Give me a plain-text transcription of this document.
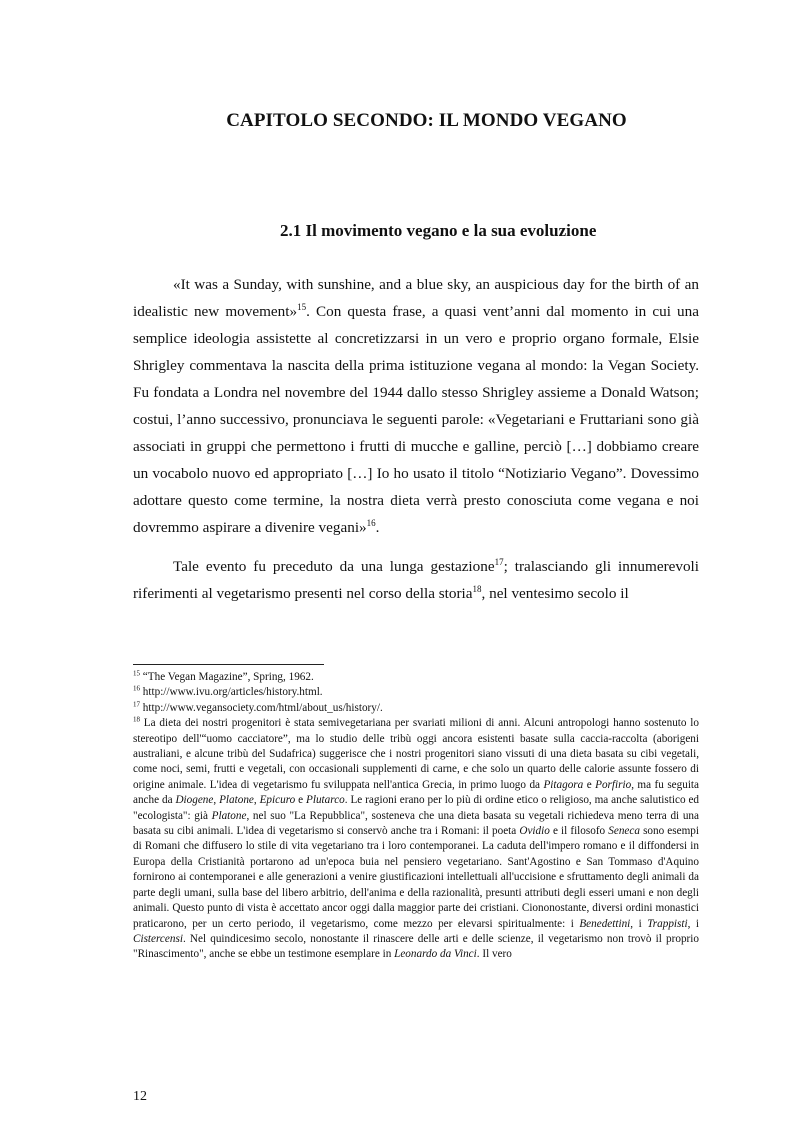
CAPITOLO SECONDO: IL MONDO VEGANO
2.1 Il movimento vegano e la sua evoluzione

«It was a Sunday, with sunshine, and a blue sky, an auspicious day for the birth of an idealistic new movement»$^{15}$. Con questa frase, a quasi vent’anni dal momento in cui una semplice ideologia assistette al concretizzarsi in un vero e proprio organo formale, Elsie Shrigley commentava la nascita della prima istituzione vegana al mondo: la Vegan Society. Fu fondata a Londra nel novembre del 1944 dallo stesso Shrigley assieme a Donald Watson; costui, l’anno successivo, pronunciava le seguenti parole: «Vegetariani e Fruttariani sono già associati in gruppi che permettono i frutti di mucche e galline, perciò […] dobbiamo creare un vocabolo nuovo ed appropriato […] Io ho usato il titolo “Notiziario Vegano”. Dovessimo adottare questo come termine, la nostra dieta verrà presto conosciuta come vegana e noi dovremmo aspirare a divenire vegani»$^{16}$.

Tale evento fu preceduto da una lunga gestazione$^{17}$; tralasciando gli innumerevoli riferimenti al vegetarismo presenti nel corso della storia$^{18}$, nel ventesimo secolo il

$^{15}$ “The Vegan Magazine”, Spring, 1962.

$^{16}$ http://www.ivu.org/articles/history.html.

$^{17}$ http://www.vegansociety.com/html/about_us/history/.

$^{18}$ La dieta dei nostri progenitori è stata semivegetariana per svariati milioni di anni. Alcuni antropologi hanno sostenuto lo stereotipo dell'“uomo cacciatore”, ma lo studio delle tribù oggi ancora esistenti basate sulla caccia-raccolta (aborigeni australiani, e alcune tribù del Sudafrica) suggerisce che i nostri progenitori siano vissuti di una dieta basata su cibi vegetali, come noci, semi, frutti e vegetali, con occasionali supplementi di carne, e che solo un quarto delle calorie assunte fossero di origine animale. L'idea di vegetarismo fu sviluppata nell'antica Grecia, in primo luogo da Pitagora e Porfirio, ma fu seguita anche da Diogene, Platone, Epicuro e Plutarco. Le ragioni erano per lo più di ordine etico o religioso, ma anche salutistico ed "ecologista": già Platone, nel suo "La Repubblica", sosteneva che una dieta basata su vegetali richiedeva meno terra di una basata su cibi animali. L'idea di vegetarismo si conservò anche tra i Romani: il poeta Ovidio e il filosofo Seneca sono esempi di Romani che diffusero lo stile di vita vegetariano tra i loro contemporanei. La caduta dell'impero romano e il diffondersi in Europa della Cristianità portarono ad un'epoca buia nel pensiero vegetariano. Sant'Agostino e San Tommaso d'Aquino fornirono ai contemporanei e alle generazioni a venire giustificazioni intellettuali all'uccisione e sfruttamento degli animali da parte degli umani, sulla base del libero arbitrio, dell'anima e della razionalità, presunti attributi degli esseri umani e non degli animali. Questo punto di vista è accettato ancor oggi dalla maggior parte dei cristiani. Ciononostante, diversi ordini monastici praticarono, per un certo periodo, il vegetarismo, come mezzo per elevarsi spiritualmente: i Benedettini, i Trappisti, i Cistercensi. Nel quindicesimo secolo, nonostante il rinascere delle arti e delle scienze, il vegetarismo non trovò il proprio "Rinascimento", anche se ebbe un testimone esemplare in Leonardo da Vinci. Il vero

12
